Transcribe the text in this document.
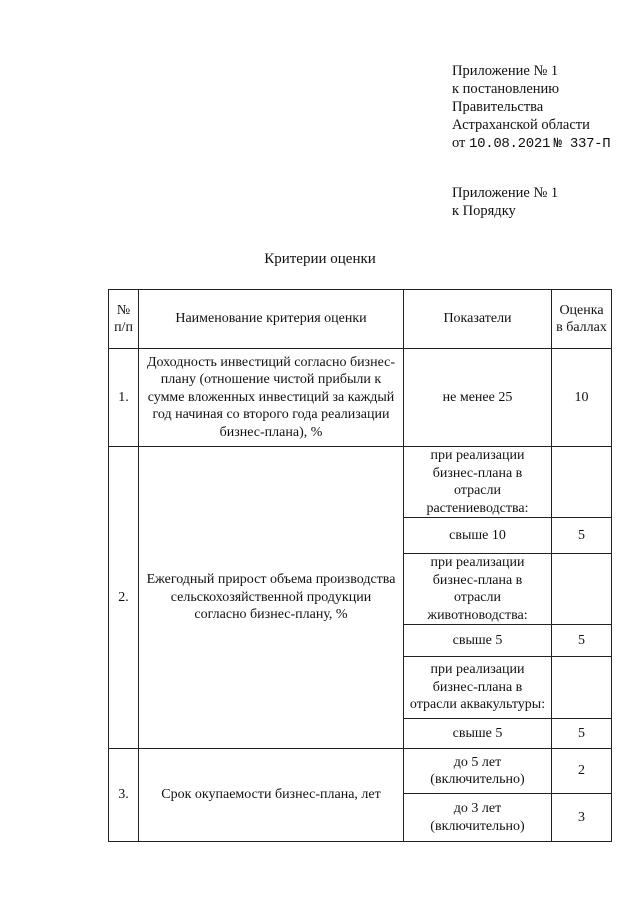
Приложение № 1
к постановлению
Правительства
Астраханской области
от 10.08.2021 № 337-П
Приложение № 1
к Порядку
Критерии оценки
№ п/п	Наименование критерия оценки	Показатели	Оценка в баллах
1.	Доходность инвестиций согласно бизнес-плану (отношение чистой прибыли к сумме вложенных инвестиций за каждый год начиная со второго года реализации бизнес-плана), %	не менее 25	10
2.	Ежегодный прирост объема производства сельскохозяйственной продукции согласно бизнес-плану, %	при реализации бизнес-плана в отрасли растениеводства:	
		свыше 10	5
		при реализации бизнес-плана в отрасли животноводства:	
		свыше 5	5
		при реализации бизнес-плана в отрасли аквакультуры:	
		свыше 5	5
3.	Срок окупаемости бизнес-плана, лет	до 5 лет (включительно)	2
		до 3 лет (включительно)	3
